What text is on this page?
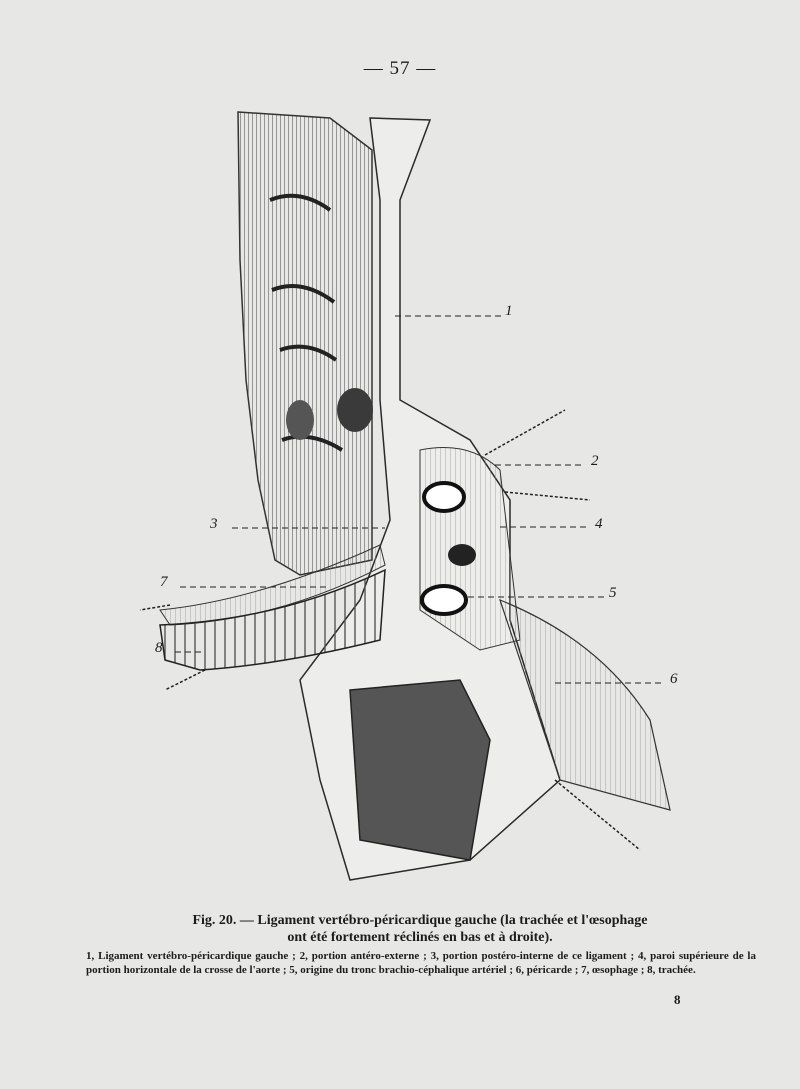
— 57 —
1
2
3	4
5
6
7
8
Fig. 20. — Ligament vertébro-péricardique gauche (la trachée et l'œsophage
ont été fortement réclinés en bas et à droite).
1, Ligament vertébro-péricardique gauche ; 2, portion antéro-externe ; 3, portion postéro-interne de ce ligament ; 4, paroi supérieure de la portion horizontale de la crosse de l'aorte ; 5, origine du tronc brachio-céphalique artériel ; 6, péricarde ; 7, œsophage ; 8, trachée.
8
